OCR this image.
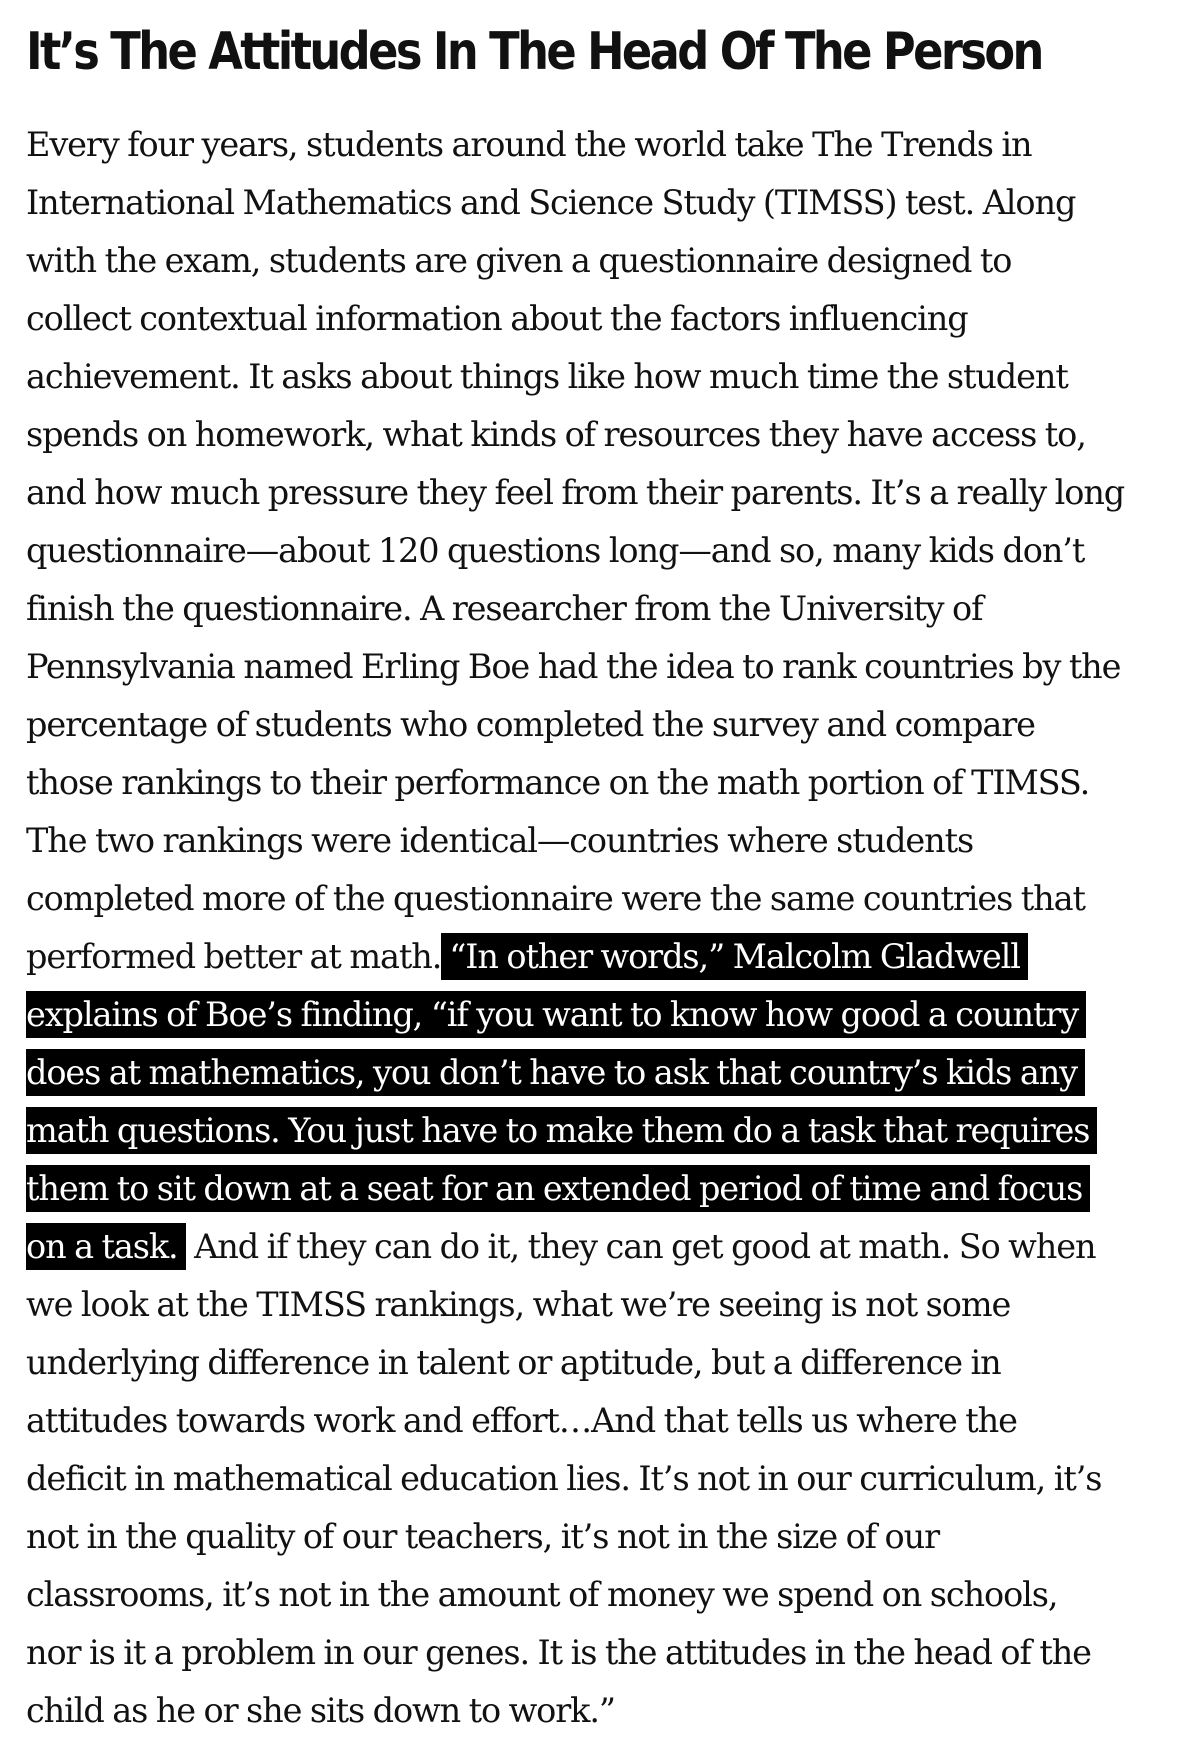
It’s The Attitudes In The Head Of The Person

Every four years, students around the world take The Trends in
International Mathematics and Science Study (TIMSS) test. Along
with the exam, students are given a questionnaire designed to
collect contextual information about the factors influencing
achievement. It asks about things like how much time the student
spends on homework, what kinds of resources they have access to,
and how much pressure they feel from their parents. It’s a really long
questionnaire—about 120 questions long—and so, many kids don’t
finish the questionnaire. A researcher from the University of
Pennsylvania named Erling Boe had the idea to rank countries by the
percentage of students who completed the survey and compare
those rankings to their performance on the math portion of TIMSS.
The two rankings were identical—countries where students
completed more of the questionnaire were the same countries that
performed better at math. “In other words,” Malcolm Gladwell
explains of Boe’s finding, “if you want to know how good a country
does at mathematics, you don’t have to ask that country’s kids any
math questions. You just have to make them do a task that requires
them to sit down at a seat for an extended period of time and focus
on a task. And if they can do it, they can get good at math. So when
we look at the TIMSS rankings, what we’re seeing is not some
underlying difference in talent or aptitude, but a difference in
attitudes towards work and effort…And that tells us where the
deficit in mathematical education lies. It’s not in our curriculum, it’s
not in the quality of our teachers, it’s not in the size of our
classrooms, it’s not in the amount of money we spend on schools,
nor is it a problem in our genes. It is the attitudes in the head of the
child as he or she sits down to work.”
